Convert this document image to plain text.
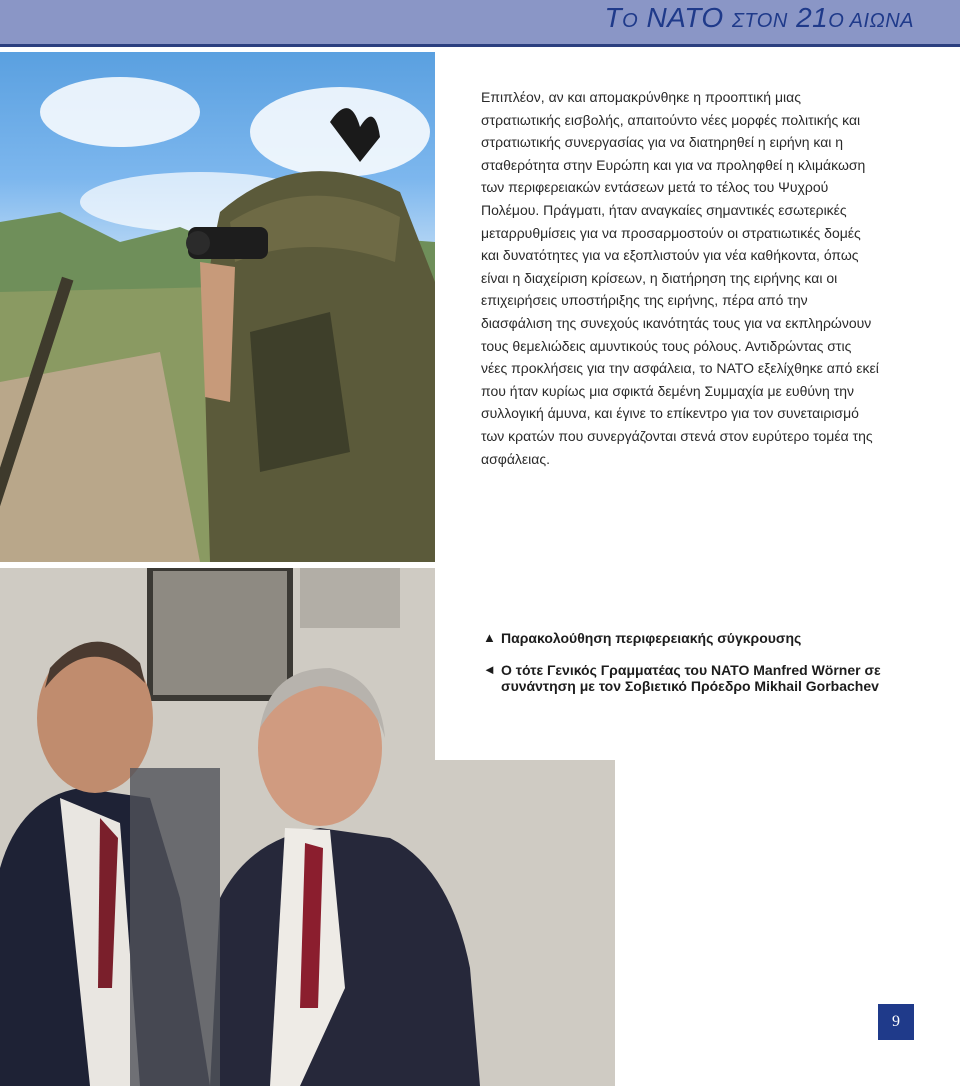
ΤΟ NATO ΣΤΟΝ 21Ο ΑΙΩΝΑ

Επιπλέον, αν και απομακρύνθηκε η προοπτική μιας στρατιωτικής εισβολής, απαιτούντο νέες μορφές πολιτικής και στρατιωτικής συνεργασίας για να διατηρηθεί η ειρήνη και η σταθερότητα στην Ευρώπη και για να προληφθεί η κλιμάκωση των περιφερειακών εντάσεων μετά το τέλος του Ψυχρού Πολέμου. Πράγματι, ήταν αναγκαίες σημαντικές εσωτερικές μεταρρυθμίσεις για να προσαρμοστούν οι στρατιωτικές δομές και δυνατότητες για να εξοπλιστούν για νέα καθήκοντα, όπως είναι η διαχείριση κρίσεων, η διατήρηση της ειρήνης και οι επιχειρήσεις υποστήριξης της ειρήνης, πέρα από την διασφάλιση της συνεχούς ικανότητάς τους για να εκπληρώνουν τους θεμελιώδεις αμυντικούς τους ρόλους. Αντιδρώντας στις νέες προκλήσεις για την ασφάλεια, το NATO εξελίχθηκε από εκεί που ήταν κυρίως μια σφικτά δεμένη Συμμαχία με ευθύνη την συλλογική άμυνα, και έγινε το επίκεντρο για τον συνεταιρισμό των κρατών που συνεργάζονται στενά στον ευρύτερο τομέα της ασφάλειας.

▲ Παρακολούθηση περιφερειακής σύγκρουσης
◄ Ο τότε Γενικός Γραμματέας του NATO Manfred Wörner σε συνάντηση με τον Σοβιετικό Πρόεδρο Mikhail Gorbachev
9
